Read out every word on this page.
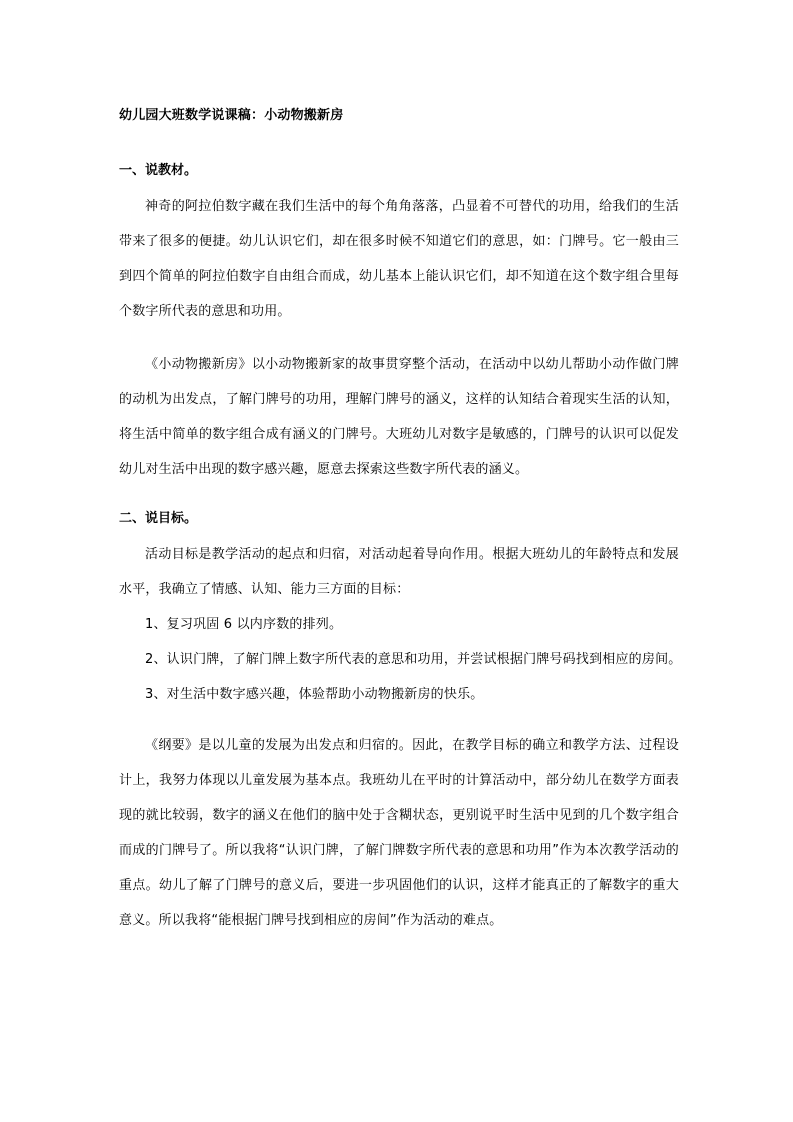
幼儿园大班数学说课稿：小动物搬新房

一、说教材。

神奇的阿拉伯数字藏在我们生活中的每个角角落落，凸显着不可替代的功用，给我们的生活带来了很多的便捷。幼儿认识它们，却在很多时候不知道它们的意思，如：门牌号。它一般由三到四个简单的阿拉伯数字自由组合而成，幼儿基本上能认识它们，却不知道在这个数字组合里每个数字所代表的意思和功用。

《小动物搬新房》以小动物搬新家的故事贯穿整个活动，在活动中以幼儿帮助小动作做门牌的动机为出发点，了解门牌号的功用，理解门牌号的涵义，这样的认知结合着现实生活的认知，将生活中简单的数字组合成有涵义的门牌号。大班幼儿对数字是敏感的，门牌号的认识可以促发幼儿对生活中出现的数字感兴趣，愿意去探索这些数字所代表的涵义。

二、说目标。

活动目标是教学活动的起点和归宿，对活动起着导向作用。根据大班幼儿的年龄特点和发展水平，我确立了情感、认知、能力三方面的目标：

1、复习巩固 6 以内序数的排列。

2、认识门牌，了解门牌上数字所代表的意思和功用，并尝试根据门牌号码找到相应的房间。

3、对生活中数字感兴趣，体验帮助小动物搬新房的快乐。

《纲要》是以儿童的发展为出发点和归宿的。因此，在教学目标的确立和教学方法、过程设计上，我努力体现以儿童发展为基本点。我班幼儿在平时的计算活动中，部分幼儿在数学方面表现的就比较弱，数字的涵义在他们的脑中处于含糊状态，更别说平时生活中见到的几个数字组合而成的门牌号了。所以我将“认识门牌，了解门牌数字所代表的意思和功用”作为本次教学活动的重点。幼儿了解了门牌号的意义后，要进一步巩固他们的认识，这样才能真正的了解数字的重大意义。所以我将“能根据门牌号找到相应的房间”作为活动的难点。
